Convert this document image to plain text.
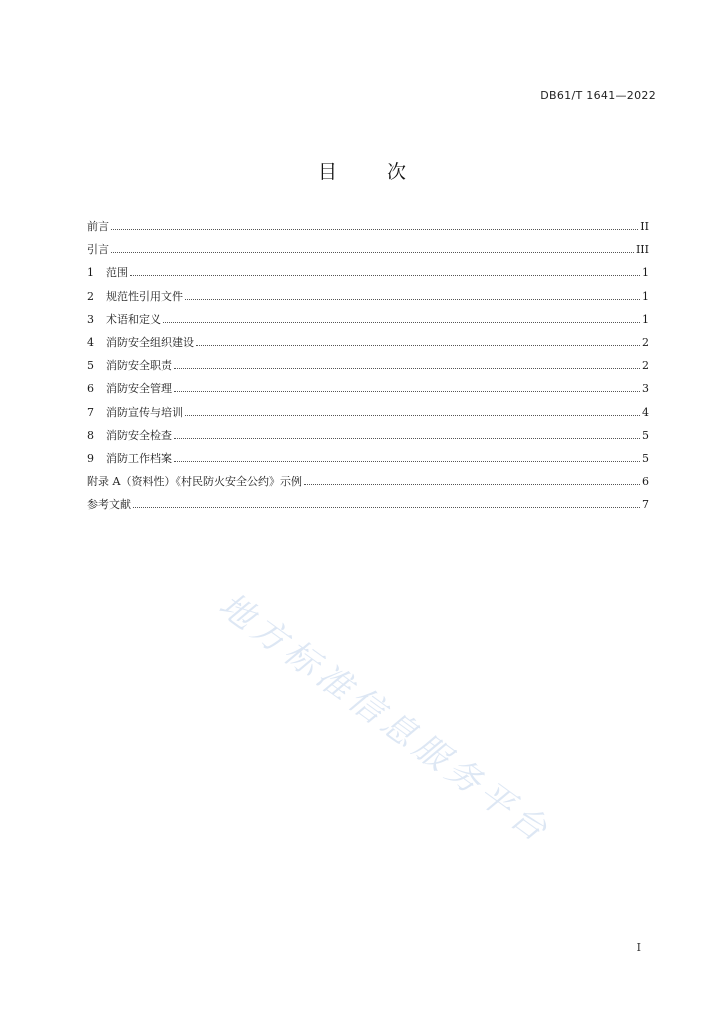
DB61/T 1641—2022
目 次
前言	II
引言	III
1	范围	1
2	规范性引用文件	1
3	术语和定义	1
4	消防安全组织建设	2
5	消防安全职责	2
6	消防安全管理	3
7	消防宣传与培训	4
8	消防安全检查	5
9	消防工作档案	5
附录 A（资料性）《村民防火安全公约》示例	6
参考文献	7
地方标准信息服务平台
I
